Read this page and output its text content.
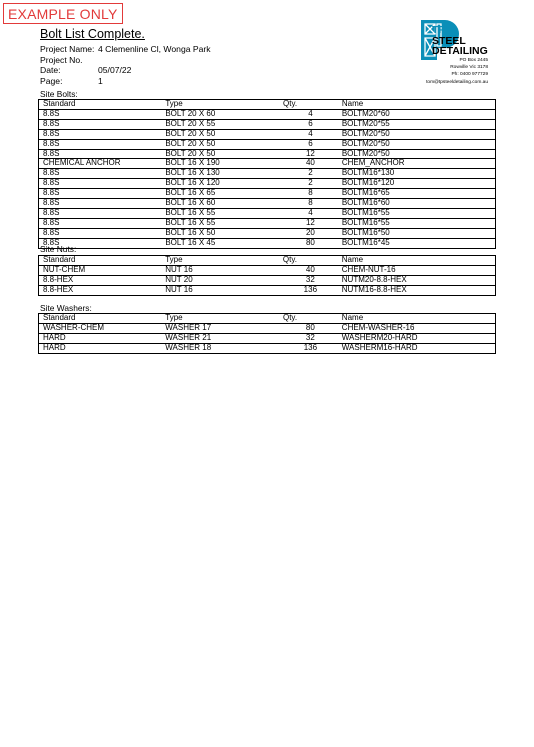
EXAMPLE ONLY
Bolt List Complete.
Project Name: 4 Clemenline Cl, Wonga Park
Project No.
Date:	05/07/22
Page:	1
TP
STEEL
DETAILING
PO Box 2445
Rowville Vic 3178
Ph: 0400 977729
tom@tpsteeldetailing.com.au
Site Bolts:
Standard	Type	Qty.	Name
8.8S	BOLT 20 X 60	4	BOLTM20*60
8.8S	BOLT 20 X 55	6	BOLTM20*55
8.8S	BOLT 20 X 50	4	BOLTM20*50
8.8S	BOLT 20 X 50	6	BOLTM20*50
8.8S	BOLT 20 X 50	12	BOLTM20*50
CHEMICAL ANCHOR	BOLT 16 X 190	40	CHEM_ANCHOR
8.8S	BOLT 16 X 130	2	BOLTM16*130
8.8S	BOLT 16 X 120	2	BOLTM16*120
8.8S	BOLT 16 X 65	8	BOLTM16*65
8.8S	BOLT 16 X 60	8	BOLTM16*60
8.8S	BOLT 16 X 55	4	BOLTM16*55
8.8S	BOLT 16 X 55	12	BOLTM16*55
8.8S	BOLT 16 X 50	20	BOLTM16*50
8.8S	BOLT 16 X 45	80	BOLTM16*45
Site Nuts:
Standard	Type	Qty.	Name
NUT-CHEM	NUT 16	40	CHEM-NUT-16
8.8-HEX	NUT 20	32	NUTM20-8.8-HEX
8.8-HEX	NUT 16	136	NUTM16-8.8-HEX
Site Washers:
Standard	Type	Qty.	Name
WASHER-CHEM	WASHER 17	80	CHEM-WASHER-16
HARD	WASHER 21	32	WASHERM20-HARD
HARD	WASHER 18	136	WASHERM16-HARD
